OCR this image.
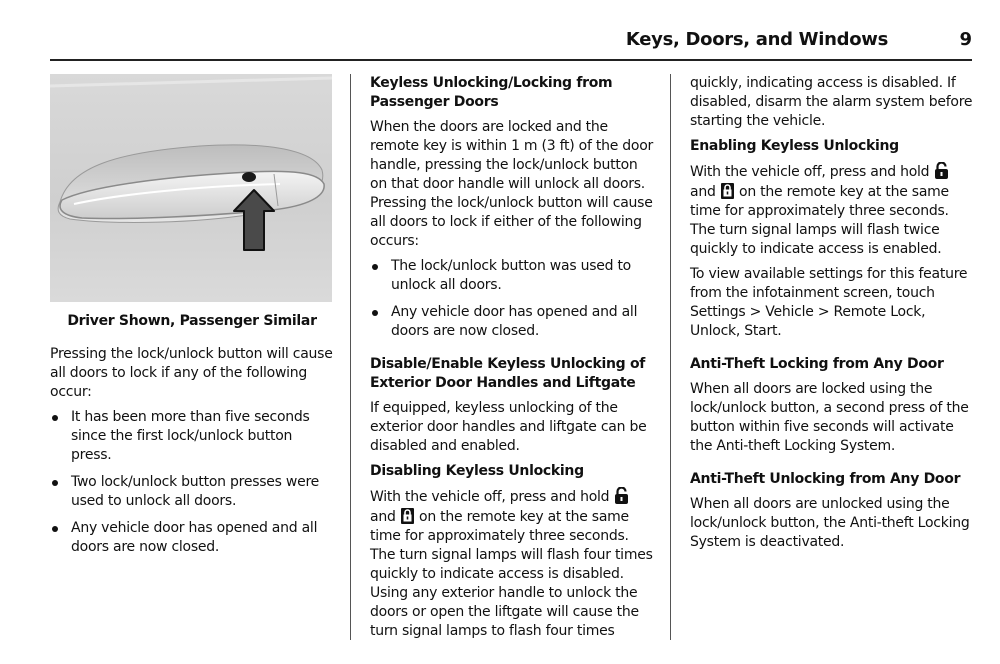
Keys, Doors, and Windows	9
Driver Shown, Passenger Similar

Pressing the lock/unlock button will cause all doors to lock if any of the following occur:

It has been more than five seconds since the first lock/unlock button press.
Two lock/unlock button presses were used to unlock all doors.
Any vehicle door has opened and all doors are now closed.
Keyless Unlocking/Locking from Passenger Doors

When the doors are locked and the remote key is within 1 m (3 ft) of the door handle, pressing the lock/unlock button on that door handle will unlock all doors. Pressing the lock/unlock button will cause all doors to lock if either of the following occurs:

The lock/unlock button was used to unlock all doors.
Any vehicle door has opened and all doors are now closed.
Disable/Enable Keyless Unlocking of Exterior Door Handles and Liftgate

If equipped, keyless unlocking of the exterior door handles and liftgate can be disabled and enabled.

Disabling Keyless Unlocking

With the vehicle off, press and hold  and on the remote key at the same time for approximately three seconds. The turn signal lamps will flash four times quickly to indicate access is disabled. Using any exterior handle to unlock the doors or open the liftgate will cause the turn signal lamps to flash four times

quickly, indicating access is disabled. If disabled, disarm the alarm system before starting the vehicle.

Enabling Keyless Unlocking

With the vehicle off, press and hold  and on the remote key at the same time for approximately three seconds. The turn signal lamps will flash twice quickly to indicate access is enabled.

To view available settings for this feature from the infotainment screen, touch Settings > Vehicle > Remote Lock, Unlock, Start.

Anti-Theft Locking from Any Door

When all doors are locked using the lock/unlock button, a second press of the button within five seconds will activate the Anti-theft Locking System.

Anti-Theft Unlocking from Any Door

When all doors are unlocked using the lock/unlock button, the Anti-theft Locking System is deactivated.
